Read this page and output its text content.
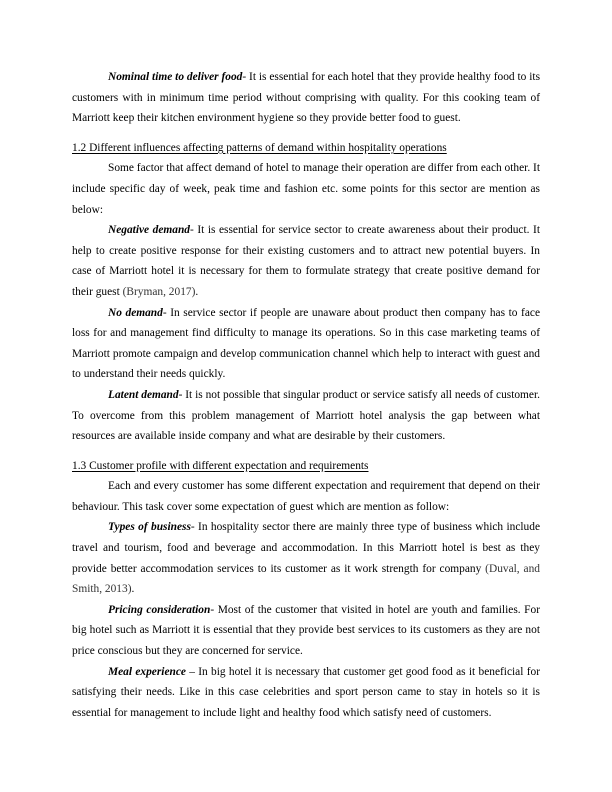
Nominal time to deliver food- It is essential for each hotel that they provide healthy food to its customers with in minimum time period without comprising with quality. For this cooking team of Marriott keep their kitchen environment hygiene so they provide better food to guest.

1.2 Different influences affecting patterns of demand within hospitality operations

Some factor that affect demand of hotel to manage their operation are differ from each other. It include specific day of week, peak time and fashion etc. some points for this sector are mention as below:

Negative demand- It is essential for service sector to create awareness about their product. It help to create positive response for their existing customers and to attract new potential buyers. In case of Marriott hotel it is necessary for them to formulate strategy that create positive demand for their guest (Bryman, 2017).

No demand- In service sector if people are unaware about product then company has to face loss for and management find difficulty to manage its operations. So in this case marketing teams of Marriott promote campaign and develop communication channel which help to interact with guest and to understand their needs quickly.

Latent demand- It is not possible that singular product or service satisfy all needs of customer. To overcome from this problem management of Marriott hotel analysis the gap between what resources are available inside company and what are desirable by their customers.

1.3 Customer profile with different expectation and requirements

Each and every customer has some different expectation and requirement that depend on their behaviour. This task cover some expectation of guest which are mention as follow:

Types of business- In hospitality sector there are mainly three type of business which include travel and tourism, food and beverage and accommodation. In this Marriott hotel is best as they provide better accommodation services to its customer as it work strength for company (Duval, and Smith, 2013).

Pricing consideration- Most of the customer that visited in hotel are youth and families. For big hotel such as Marriott it is essential that they provide best services to its customers as they are not price conscious but they are concerned for service.

Meal experience – In big hotel it is necessary that customer get good food as it beneficial for satisfying their needs. Like in this case celebrities and sport person came to stay in hotels so it is essential for management to include light and healthy food which satisfy need of customers.
